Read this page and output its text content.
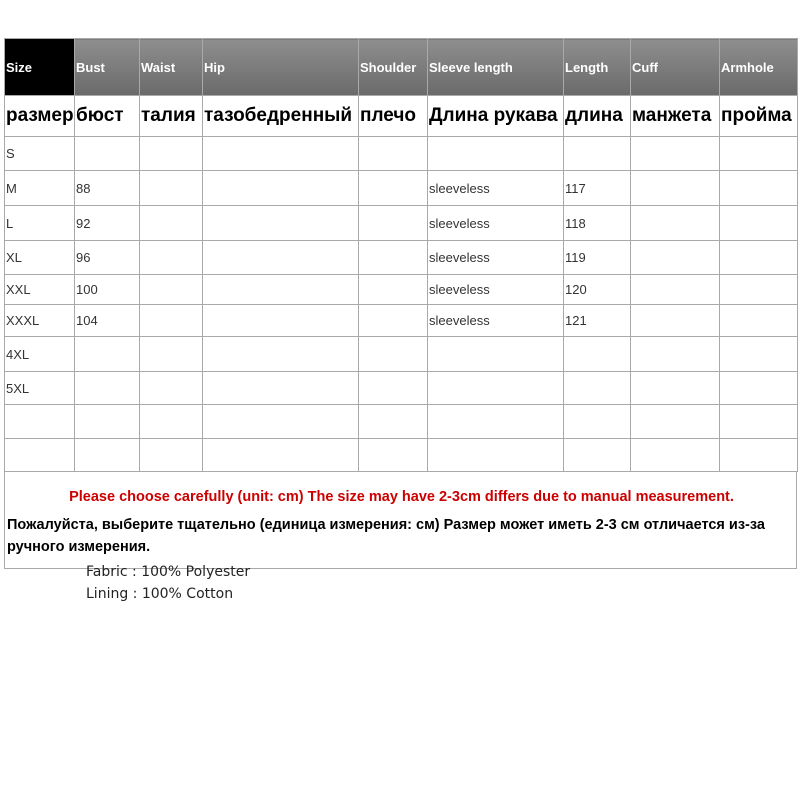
Size	Bust	Waist	Hip	Shoulder	Sleeve length	Length	Cuff	Armhole
размер	бюст	талия	тазобедренный	плечо	Длина рукава	длина	манжета	пройма
S								
M	88				sleeveless	117		
L	92				sleeveless	118		
XL	96				sleeveless	119		
XXL	100				sleeveless	120		
XXXL	104				sleeveless	121		
4XL								
5XL								

Please choose carefully (unit: cm) The size may have 2-3cm differs due to manual measurement.
Пожалуйста, выберите тщательно (единица измерения: см) Размер может иметь 2-3 см отличается из-за ручного измерения.
Fabric : 100% Polyester
Lining : 100% Cotton
